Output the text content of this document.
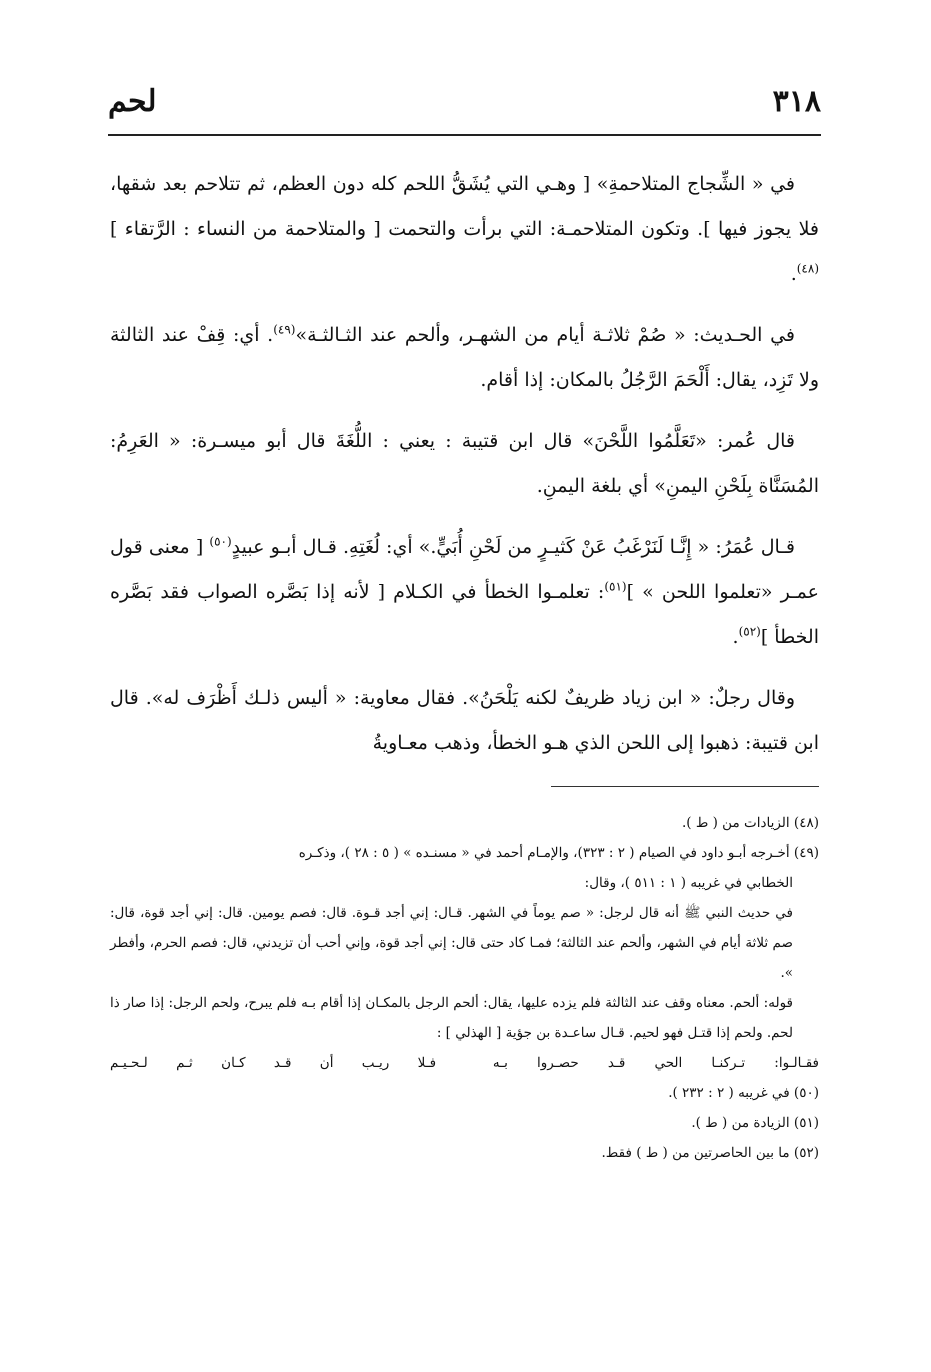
٣١٨
لحم

في « الشِّجاج المتلاحمةِ» [ وهـي التي يُشَقُّ اللحم كله دون العظم، ثم تتلاحم بعد شقها، فلا يجوز فيها ]. وتكون المتلاحمـة: التي برأت والتحمت [ والمتلاحمة من النساء : الرَّتقاء ]$^{(٤٨)}$.

في الحـديث: « صُمْ ثلاثـة أيام من الشهـر، وألحم عند الثـالثـة»$^{(٤٩)}$. أي: قِفْ عند الثالثة ولا تَزِد، يقال: أَلْحَمَ الرَّجُلُ بالمكان: إذا أقام.

قال عُمر: «تَعَلَّمُوا اللَّحْنَ» قال ابن قتيبة : يعني : اللُّغَةَ قال أبو ميسـرة: « العَرِمُ: المُسَنَّاة بِلَحْنِ اليمنِ» أي بلغة اليمنِ.

قـال عُمَرُ: « إِنَّـا لَنَرْغَبُ عَنْ كَثيـرٍ من لَحْنِ أُبَيٍّ.» أي: لُغَتِهِ. قـال أبـو عبيدٍ$^{(٥٠)}$ [ معنى قول عمـر «تعلموا اللحن » ]$^{(٥١)}$: تعلمـوا الخطأ في الكـلام [ لأنه إذا بَصَّره الصواب فقد بَصَّره الخطأ ]$^{(٥٢)}$.

وقال رجلٌ: « ابن زياد ظريفٌ لكنه يَلْحَنُ». فقال معاوية: « أليس ذلـك أَظْرَف له». قال ابن قتيبة: ذهبوا إلى اللحن الذي هـو الخطأ، وذهب معـاويةُ

(٤٨) الزيادات من ( ط ).

(٤٩) أخـرجه أبـو داود في الصيام ( ٢ : ٣٢٣)، والإمـام أحمد في « مسنـده » ( ٥ : ٢٨ )، وذكـره

الخطابي في غريبه ( ١ : ٥١١ )، وقال:

في حديث النبي ﷺ أنه قال لرجل: « صم يوماً في الشهر. قـال: إني أجد قـوة. قال: فصم يومين. قال: إني أجد قوة، قال: صم ثلاثة أيام في الشهر، وألحم عند الثالثة؛ فمـا كاد حتى قال: إني أجد قوة، وإني أحب أن تزيدني، قال: فصم الحرم، وأفطر ».

قوله: ألحم. معناه وقف عند الثالثة فلم يزده عليها، يقال: ألحم الرجل بالمكـان إذا أقام بـه فلم يبرح، ولحم الرجل: إذا صار ذا لحم. ولحم إذا قتـل فهو لحيم. قـال ساعـدة بن جؤية [ الهذلي ] :

فقـالـوا: تـركنـا الحي قـد حصـروا بـه
فـلا ريـب أن قـد كـان ثـم لـحـيـم

(٥٠) في غريبه ( ٢ : ٢٣٢ ).

(٥١) الزيادة من ( ط ).

(٥٢) ما بين الحاصرتين من ( ط ) فقط.
